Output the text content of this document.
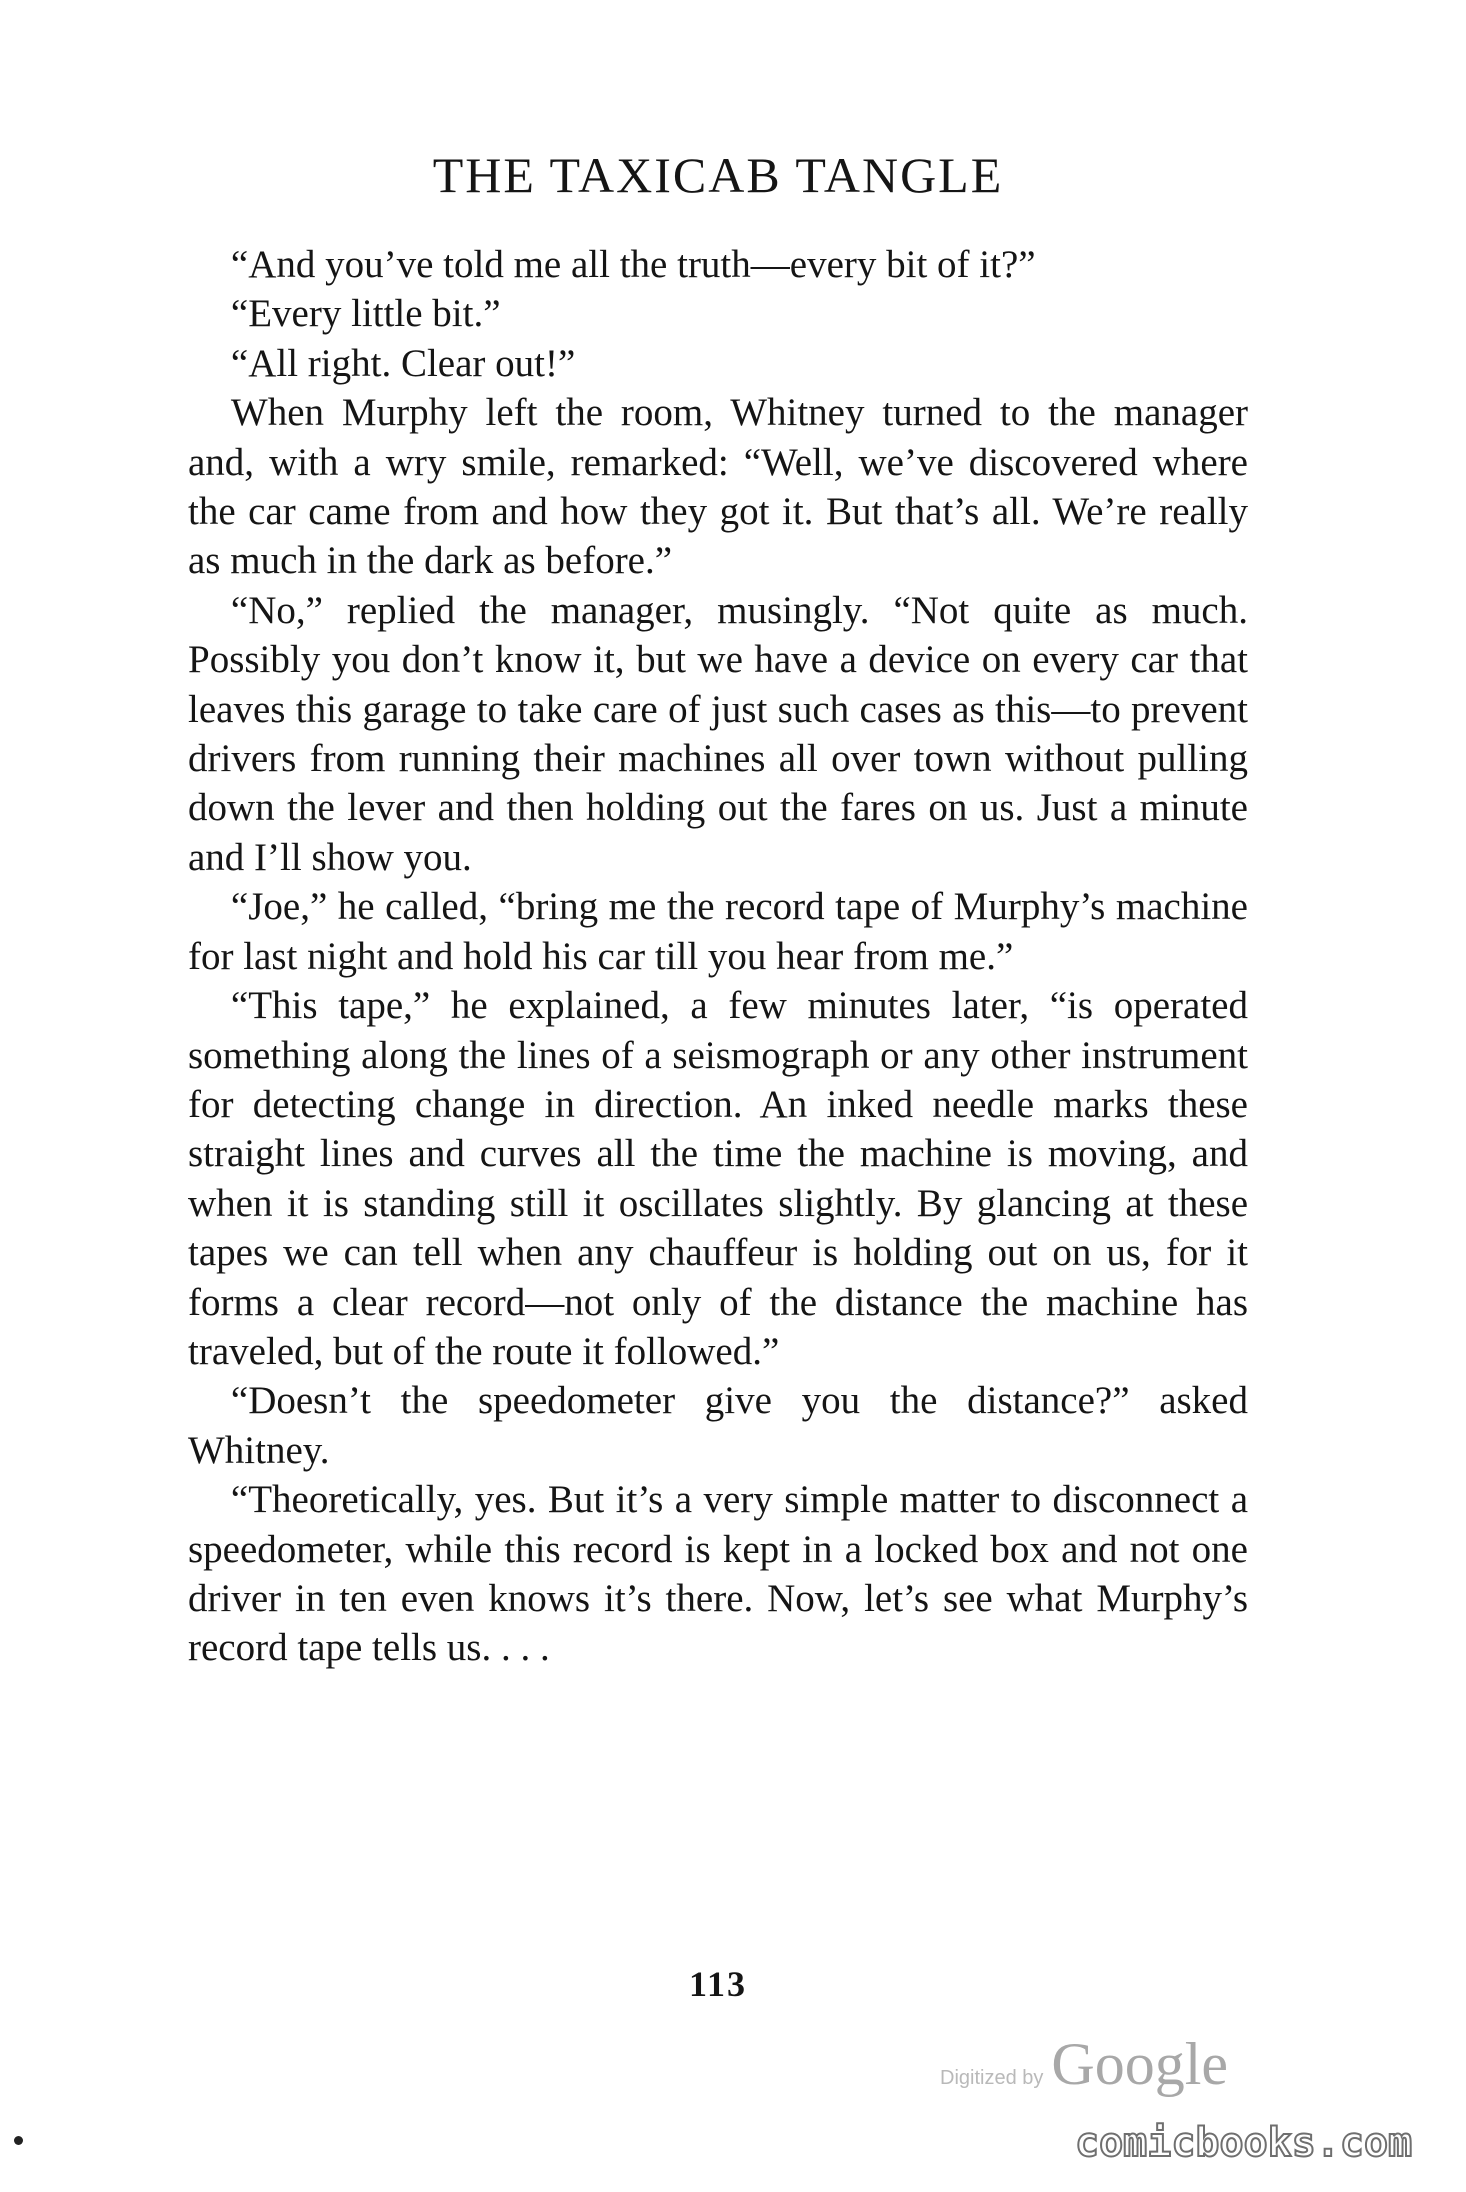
THE TAXICAB TANGLE

“And you’ve told me all the truth—every bit of it?”

“Every little bit.”

“All right. Clear out!”

When Murphy left the room, Whitney turned to the manager and, with a wry smile, remarked: “Well, we’ve discovered where the car came from and how they got it. But that’s all. We’re really as much in the dark as before.”

“No,” replied the manager, musingly. “Not quite as much. Possibly you don’t know it, but we have a device on every car that leaves this garage to take care of just such cases as this—to prevent drivers from running their machines all over town without pulling down the lever and then holding out the fares on us. Just a minute and I’ll show you.

“Joe,” he called, “bring me the record tape of Murphy’s machine for last night and hold his car till you hear from me.”

“This tape,” he explained, a few minutes later, “is operated something along the lines of a seismograph or any other instrument for detecting change in direction. An inked needle marks these straight lines and curves all the time the machine is moving, and when it is standing still it oscillates slightly. By glancing at these tapes we can tell when any chauffeur is holding out on us, for it forms a clear record—not only of the distance the machine has traveled, but of the route it followed.”

“Doesn’t the speedometer give you the distance?” asked Whitney.

“Theoretically, yes. But it’s a very simple matter to disconnect a speedometer, while this record is kept in a locked box and not one driver in ten even knows it’s there. Now, let’s see what Murphy’s record tape tells us. . . .

113
Digitized by Google
comicbooks.com
